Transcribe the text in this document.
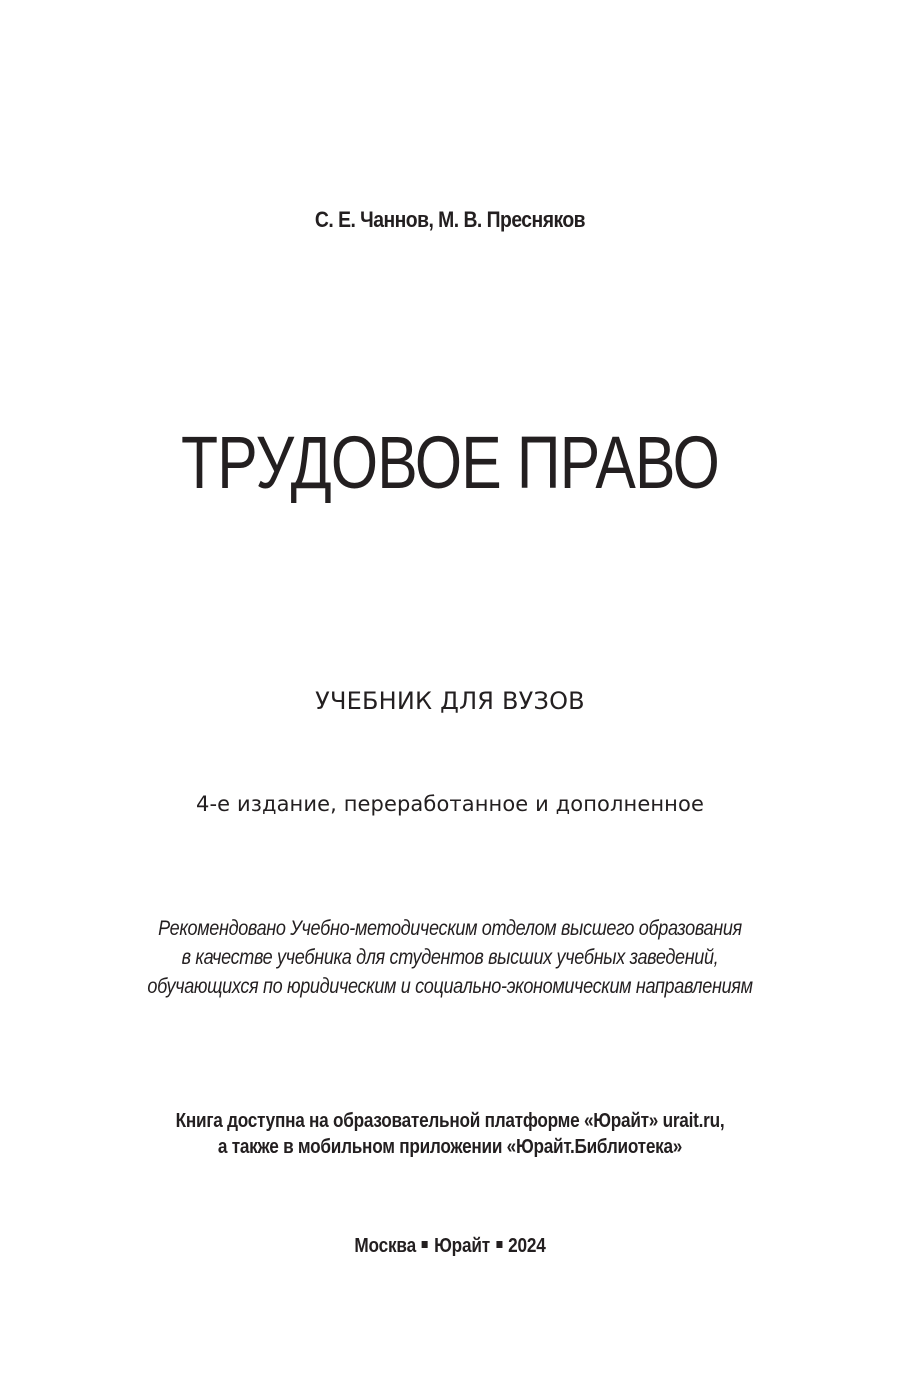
С. Е. Чаннов, М. В. Пресняков
ТРУДОВОЕ ПРАВО
УЧЕБНИК ДЛЯ ВУЗОВ
4-е издание, переработанное и дополненное
Рекомендовано Учебно-методическим отделом высшего образования
в качестве учебника для студентов высших учебных заведений,
обучающихся по юридическим и социально-экономическим направлениям
Книга доступна на образовательной платформе «Юрайт» urait.ru,
а также в мобильном приложении «Юрайт.Библиотека»
Москва Юрайт 2024
